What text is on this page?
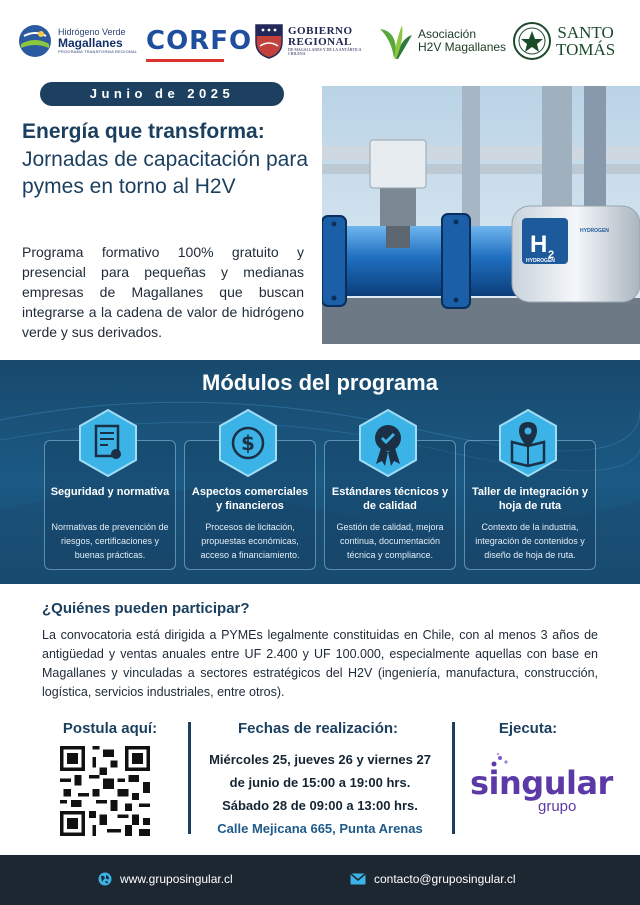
Hidrógeno Verde
Magallanes
PROGRAMA TRANSFORMA REGIONAL CORFO	GOBIERNO
REGIONAL
DE MAGALLANES Y DE LA ANTÁRTICA CHILENA
Asociación
H2V Magallanes
SANTO
TOMÁS
Junio de 2025
Energía que transforma:
Jornadas de capacitación para pymes en torno al H2V

Programa formativo 100% gratuito y presencial para pequeñas y medianas empresas de Magallanes que buscan integrarse a la cadena de valor de hidrógeno verde y sus derivados.

H 2
HYDROGEN
HYDROGEN
Módulos del programa
Seguridad y normativa
Normativas de prevención de riesgos, certificaciones y buenas prácticas.
Aspectos comerciales y financieros
Procesos de licitación, propuestas económicas, acceso a financiamiento.
Estándares técnicos y de calidad
Gestión de calidad, mejora continua, documentación técnica y compliance.
Taller de integración y hoja de ruta
Contexto de la industria, integración de contenidos y diseño de hoja de ruta.
$
¿Quiénes pueden participar?

La convocatoria está dirigida a PYMEs legalmente constituidas en Chile, con al menos 3 años de antigüedad y ventas anuales entre UF 2.400 y UF 100.000, especialmente aquellas con base en Magallanes y vinculadas a sectores estratégicos del H2V (ingeniería, manufactura, construcción, logística, servicios industriales, entre otros).

Postula aquí:	Fechas de realización:	Ejecuta:
Miércoles 25, jueves 26 y viernes 27
de junio de 15:00 a 19:00 hrs.
Sábado 28 de 09:00 a 13:00 hrs.
Calle Mejicana 665, Punta Arenas
singular
grupo
www.gruposingular.cl	contacto@gruposingular.cl
